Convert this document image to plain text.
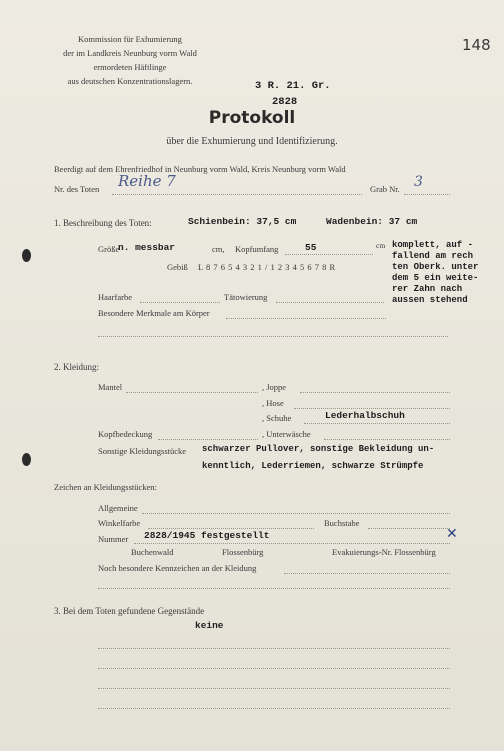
Kommission für Exhumierung
der im Landkreis Neunburg vorm Wald
ermordeten Häftlinge
aus deutschen Konzentrationslagern.
148
3 R. 21. Gr.
2828
Protokoll
über die Exhumierung und Identifizierung.
Beerdigt auf dem Ehrenfriedhof in Neunburg vorm Wald, Kreis Neunburg vorm Wald
Nr. des Toten Reihe 7	Grab Nr. 3
1. Beschreibung des Toten:	Schienbein: 37,5 cm	Wadenbein: 37 cm
Größe
n. messbar	cm, Kopfumfang	55	cm
Gebiß L 8 7 6 5 4 3 2 1 / 1 2 3 4 5 6 7 8 R
komplett, auf -
fallend am rech
ten Oberk. unter
dem 5 ein weite-
rer Zahn nach
aussen stehend
Haarfarbe	Tätowierung
Besondere Merkmale am Körper
2. Kleidung:
Mantel	, Joppe
, Hose
, Schuhe	Lederhalbschuh
Kopfbedeckung	, Unterwäsche
Sonstige Kleidungsstücke schwarzer Pullover, sonstige Bekleidung un-
kenntlich, Lederriemen, schwarze Strümpfe
Zeichen an Kleidungsstücken:
Allgemeine
Winkelfarbe	Buchstabe
Nummer 2828/1945 festgestellt	✕
Buchenwald	Flossenbürg	Evakuierungs-Nr. Flossenbürg
Noch besondere Kennzeichen an der Kleidung
3. Bei dem Toten gefundene Gegenstände
keine
